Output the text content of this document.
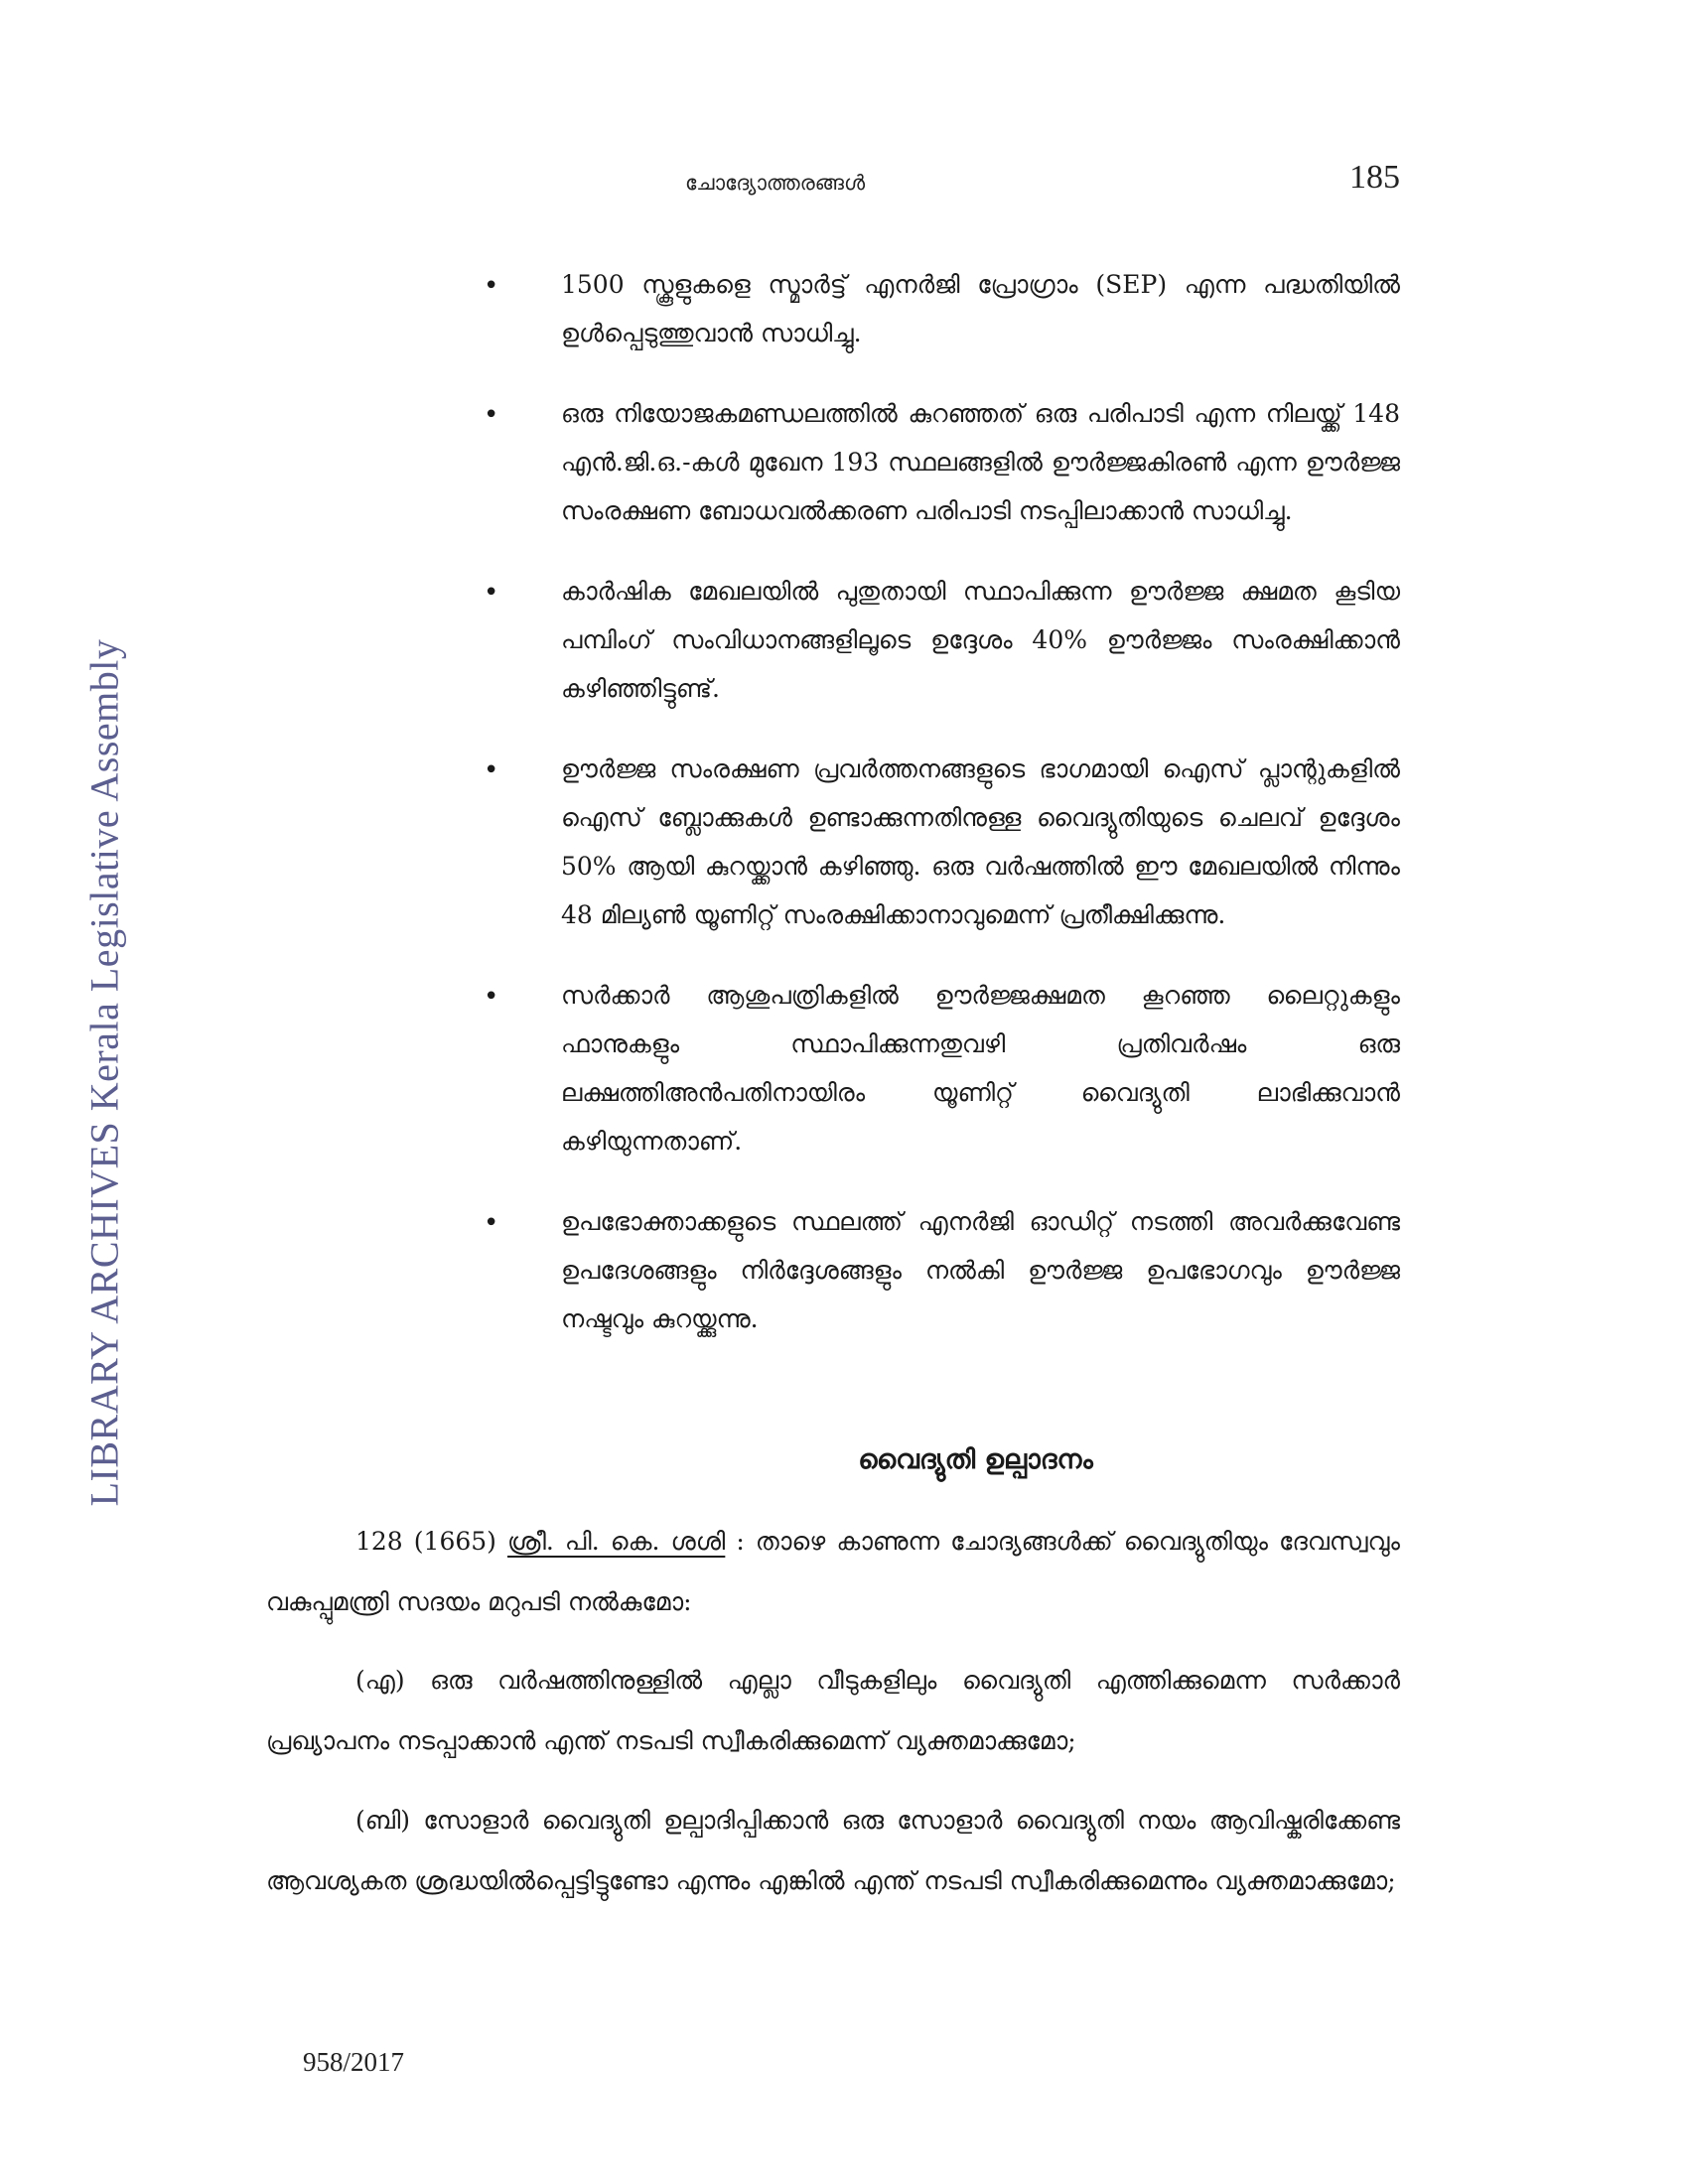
LIBRARY ARCHIVES Kerala Legislative Assembly
ചോദ്യോത്തരങ്ങൾ	185
• 1500 സ്കൂളുകളെ സ്മാർട്ട് എനർജി പ്രോഗ്രാം (SEP) എന്ന പദ്ധതിയിൽ ഉൾപ്പെടുത്തുവാൻ സാധിച്ചു.
• ഒരു നിയോജകമണ്ഡലത്തിൽ കുറഞ്ഞത് ഒരു പരിപാടി എന്ന നിലയ്ക്ക് 148 എൻ.ജി.ഒ.-കൾ മുഖേന 193 സ്ഥലങ്ങളിൽ ഊർജ്ജകിരൺ എന്ന ഊർജ്ജ സംരക്ഷണ ബോധവൽക്കരണ പരിപാടി നടപ്പിലാക്കാൻ സാധിച്ചു.
• കാർഷിക മേഖലയിൽ പുതുതായി സ്ഥാപിക്കുന്ന ഊർജ്ജ ക്ഷമത കൂടിയ പമ്പിംഗ് സംവിധാനങ്ങളിലൂടെ ഉദ്ദേശം 40% ഊർജ്ജം സംരക്ഷിക്കാൻ കഴിഞ്ഞിട്ടുണ്ട്.
• ഊർജ്ജ സംരക്ഷണ പ്രവർത്തനങ്ങളുടെ ഭാഗമായി ഐസ് പ്ലാന്റുകളിൽ ഐസ് ബ്ലോക്കുകൾ ഉണ്ടാക്കുന്നതിനുള്ള വൈദ്യുതിയുടെ ചെലവ് ഉദ്ദേശം 50% ആയി കുറയ്ക്കാൻ കഴിഞ്ഞു. ഒരു വർഷത്തിൽ ഈ മേഖലയിൽ നിന്നും 48 മില്യൺ യൂണിറ്റ് സംരക്ഷിക്കാനാവുമെന്ന് പ്രതീക്ഷിക്കുന്നു.
• സർക്കാർ ആശുപത്രികളിൽ ഊർജ്ജക്ഷമത കൂറഞ്ഞ ലൈറ്റുകളും ഫാനുകളും സ്ഥാപിക്കുന്നതുവഴി പ്രതിവർഷം ഒരു ലക്ഷത്തിഅൻപതിനായിരം യൂണിറ്റ് വൈദ്യുതി ലാഭിക്കുവാൻ കഴിയുന്നതാണ്.
• ഉപഭോക്താക്കളുടെ സ്ഥലത്ത് എനർജി ഓഡിറ്റ് നടത്തി അവർക്കുവേണ്ട ഉപദേശങ്ങളും നിർദ്ദേശങ്ങളും നൽകി ഊർജ്ജ ഉപഭോഗവും ഊർജ്ജ നഷ്ടവും കുറയ്ക്കുന്നു.
വൈദ്യുതി ഉല്പാദനം

128 (1665) ശ്രീ. പി. കെ. ശശി : താഴെ കാണുന്ന ചോദ്യങ്ങൾക്ക് വൈദ്യുതിയും ദേവസ്വവും വകുപ്പുമന്ത്രി സദയം മറുപടി നൽകുമോ:

(എ) ഒരു വർഷത്തിനുള്ളിൽ എല്ലാ വീടുകളിലും വൈദ്യുതി എത്തിക്കുമെന്ന സർക്കാർ പ്രഖ്യാപനം നടപ്പാക്കാൻ എന്ത് നടപടി സ്വീകരിക്കുമെന്ന് വ്യക്തമാക്കുമോ;

(ബി) സോളാർ വൈദ്യുതി ഉല്പാദിപ്പിക്കാൻ ഒരു സോളാർ വൈദ്യുതി നയം ആവിഷ്കരിക്കേണ്ട ആവശ്യകത ശ്രദ്ധയിൽപ്പെട്ടിട്ടുണ്ടോ എന്നും എങ്കിൽ എന്ത് നടപടി സ്വീകരിക്കുമെന്നും വ്യക്തമാക്കുമോ;

958/2017
